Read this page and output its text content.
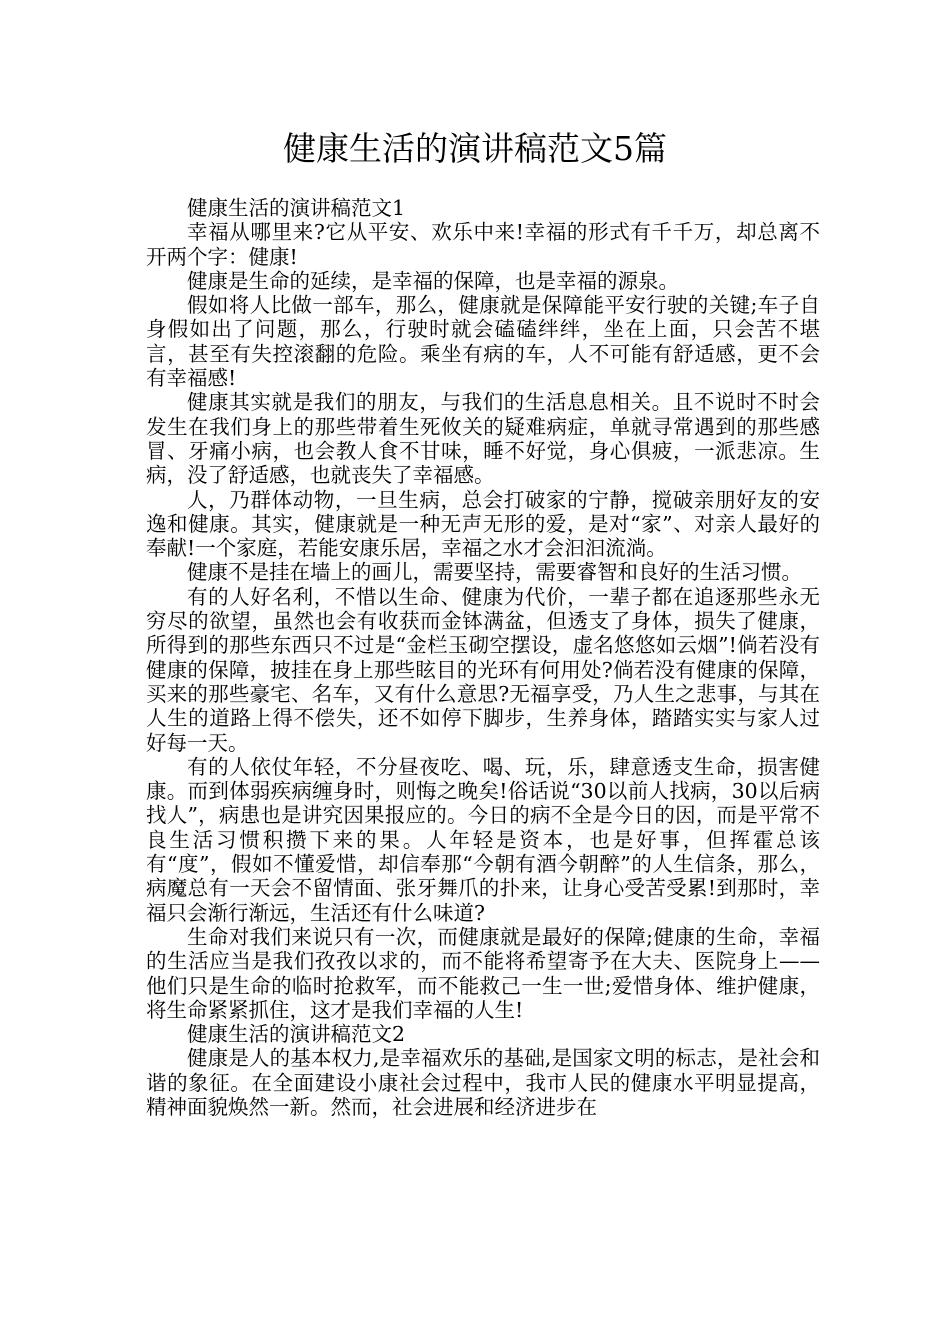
健康生活的演讲稿范文5篇

健康生活的演讲稿范文1

幸福从哪里来?它从平安、欢乐中来!幸福的形式有千千万，却总离不开两个字：健康!

健康是生命的延续，是幸福的保障，也是幸福的源泉。

假如将人比做一部车，那么，健康就是保障能平安行驶的关键;车子自身假如出了问题，那么，行驶时就会磕磕绊绊，坐在上面，只会苦不堪言，甚至有失控滚翻的危险。乘坐有病的车，人不可能有舒适感，更不会有幸福感!

健康其实就是我们的朋友，与我们的生活息息相关。且不说时不时会发生在我们身上的那些带着生死攸关的疑难病症，单就寻常遇到的那些感冒、牙痛小病，也会教人食不甘味，睡不好觉，身心俱疲，一派悲凉。生病，没了舒适感，也就丧失了幸福感。

人，乃群体动物，一旦生病，总会打破家的宁静，搅破亲朋好友的安逸和健康。其实，健康就是一种无声无形的爱，是对“家”、对亲人最好的奉献!一个家庭，若能安康乐居，幸福之水才会汩汩流淌。

健康不是挂在墙上的画儿，需要坚持，需要睿智和良好的生活习惯。

有的人好名利，不惜以生命、健康为代价，一辈子都在追逐那些永无穷尽的欲望，虽然也会有收获而金钵满盆，但透支了身体，损失了健康，所得到的那些东西只不过是“金栏玉砌空摆设，虚名悠悠如云烟”!倘若没有健康的保障，披挂在身上那些眩目的光环有何用处?倘若没有健康的保障，买来的那些豪宅、名车，又有什么意思?无福享受，乃人生之悲事，与其在人生的道路上得不偿失，还不如停下脚步，生养身体，踏踏实实与家人过好每一天。

有的人依仗年轻，不分昼夜吃、喝、玩，乐，肆意透支生命，损害健康。而到体弱疾病缠身时，则悔之晚矣!俗话说“30以前人找病，30以后病找人”，病患也是讲究因果报应的。今日的病不全是今日的因，而是平常不良生活习惯积攒下来的果。人年轻是资本，也是好事，但挥霍总该有“度”，假如不懂爱惜，却信奉那“今朝有酒今朝醉”的人生信条，那么，病魔总有一天会不留情面、张牙舞爪的扑来，让身心受苦受累!到那时，幸福只会渐行渐远，生活还有什么味道?

生命对我们来说只有一次，而健康就是最好的保障;健康的生命，幸福的生活应当是我们孜孜以求的，而不能将希望寄予在大夫、医院身上——他们只是生命的临时抢救军，而不能救己一生一世;爱惜身体、维护健康，将生命紧紧抓住，这才是我们幸福的人生!

健康生活的演讲稿范文2

健康是人的基本权力,是幸福欢乐的基础,是国家文明的标志，是社会和谐的象征。在全面建设小康社会过程中，我市人民的健康水平明显提高，精神面貌焕然一新。然而，社会进展和经济进步在
